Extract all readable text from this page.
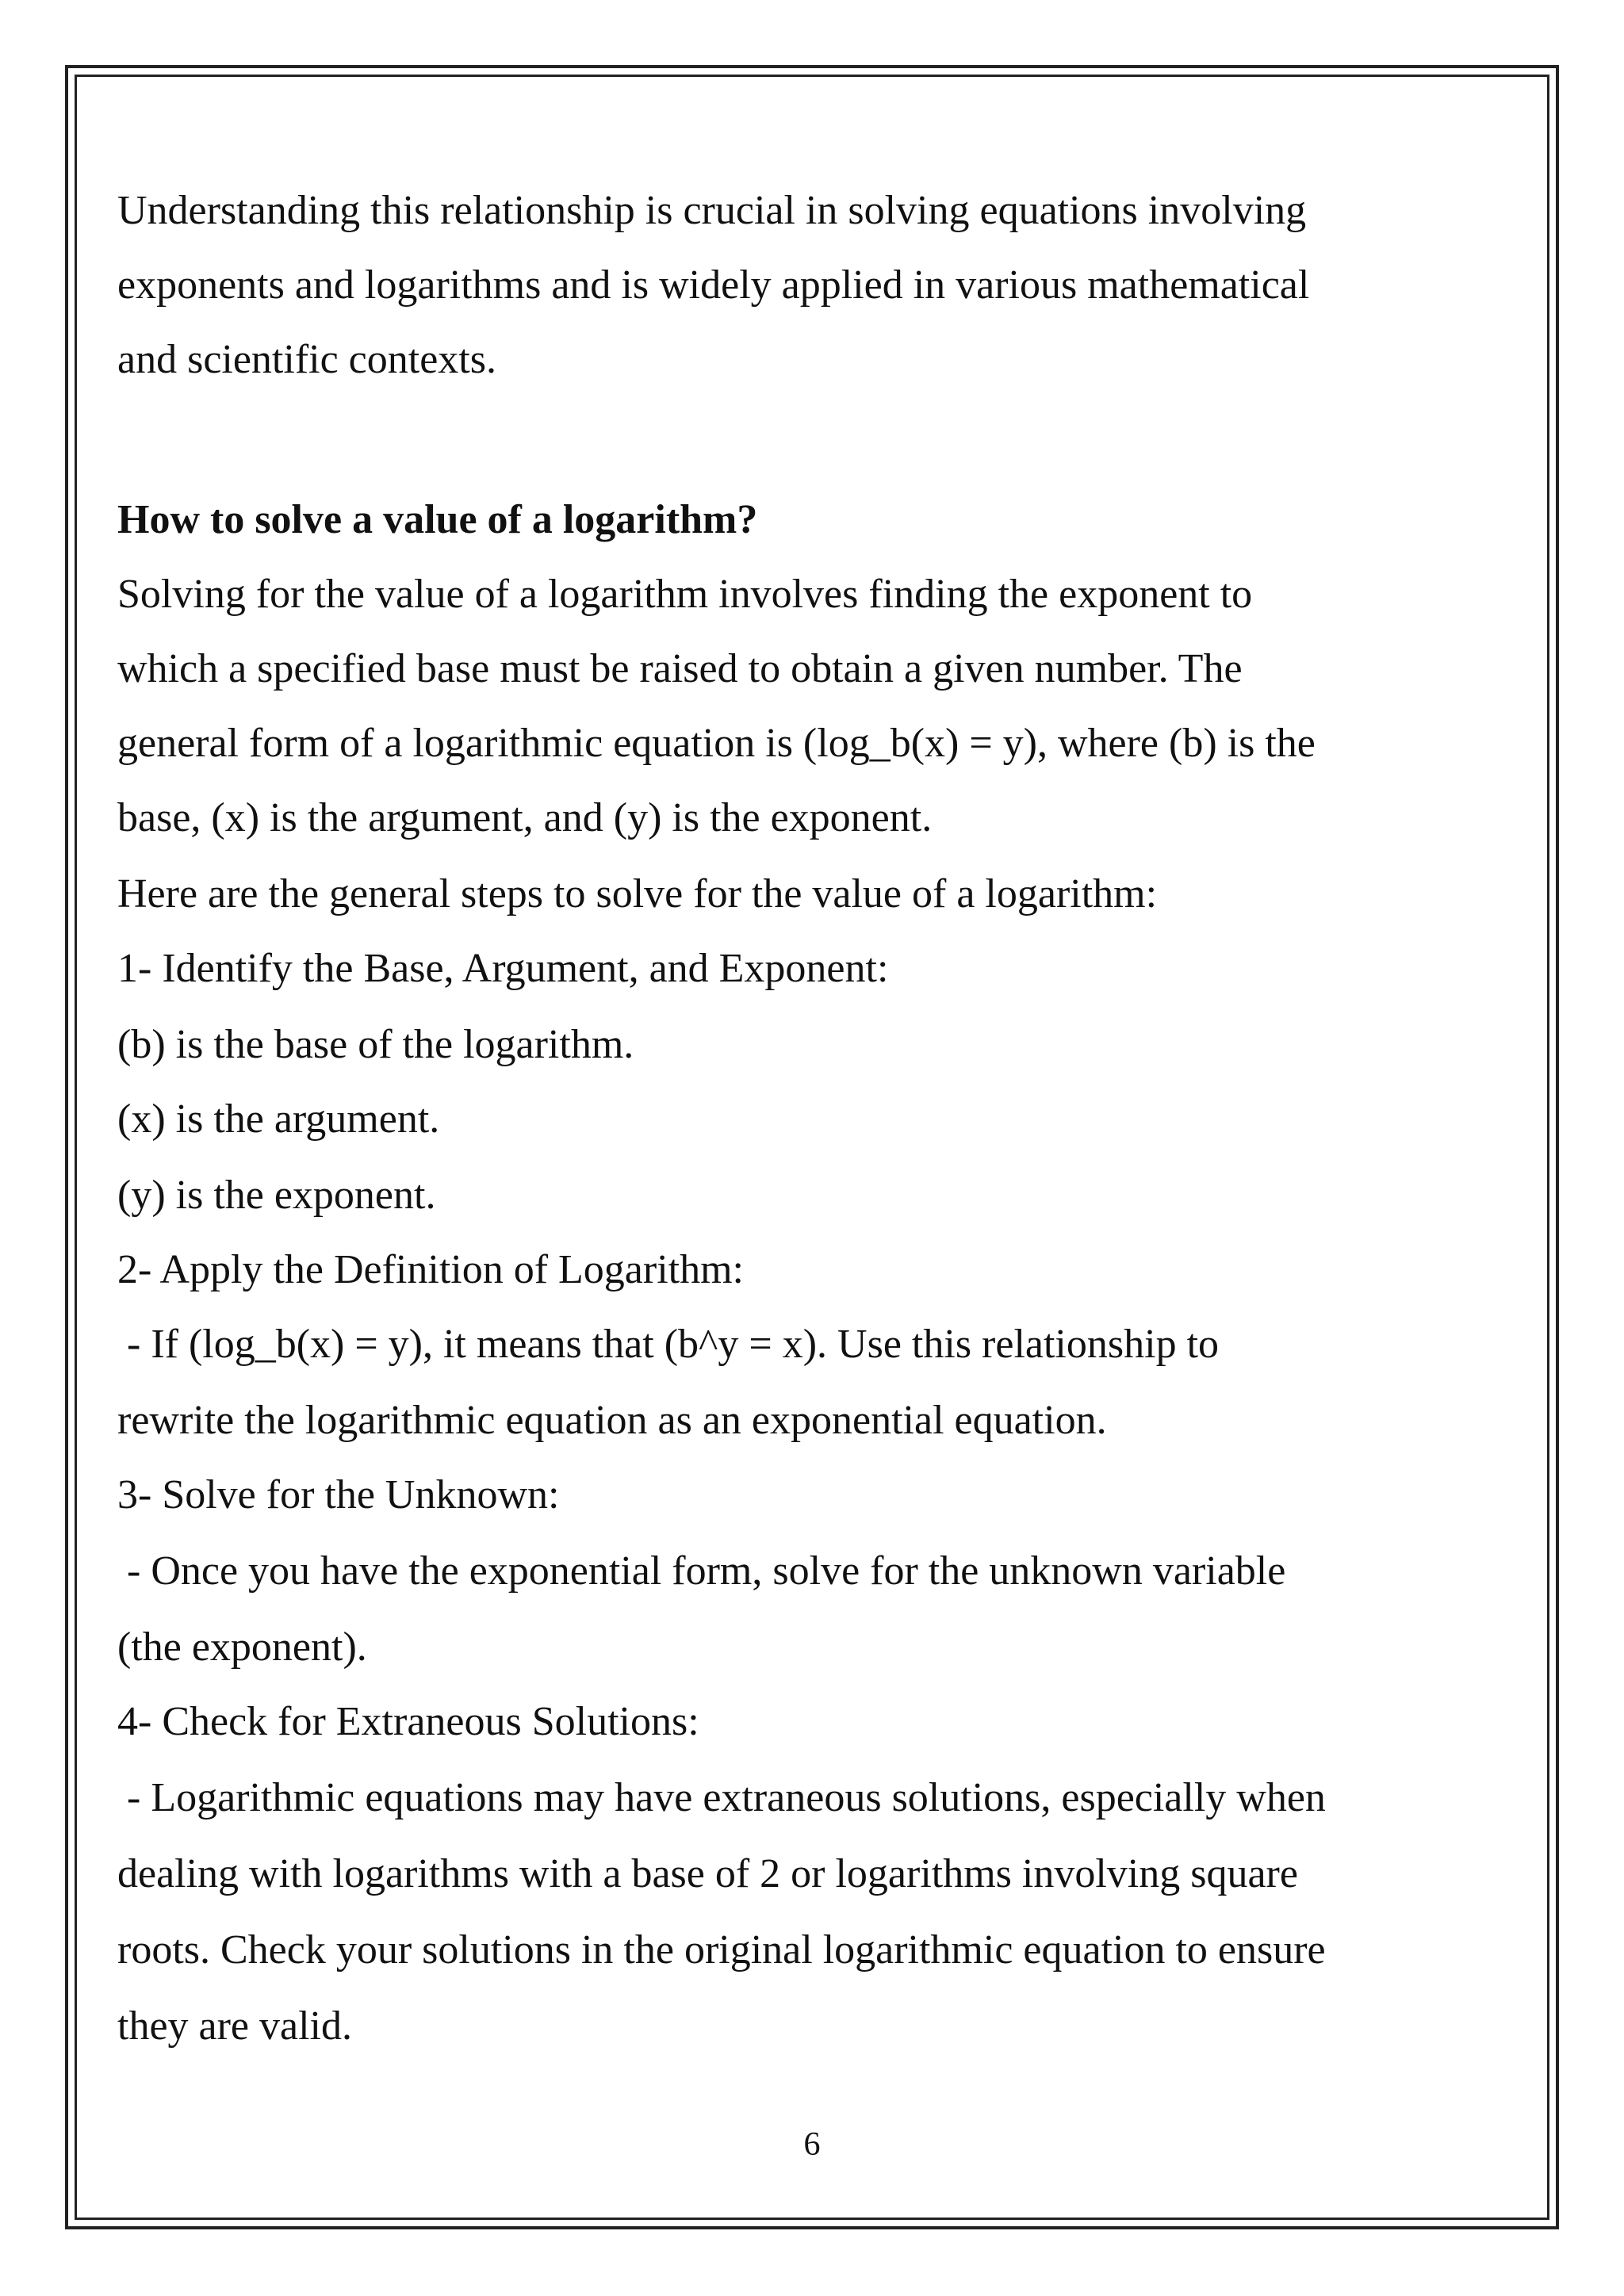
Understanding this relationship is crucial in solving equations involving
exponents and logarithms and is widely applied in various mathematical
and scientific contexts.
How to solve a value of a logarithm?
Solving for the value of a logarithm involves finding the exponent to
which a specified base must be raised to obtain a given number. The
general form of a logarithmic equation is (log_b(x) = y), where (b) is the
base, (x) is the argument, and (y) is the exponent.
Here are the general steps to solve for the value of a logarithm:
1- Identify the Base, Argument, and Exponent:
(b) is the base of the logarithm.
(x) is the argument.
(y) is the exponent.
2- Apply the Definition of Logarithm:
- If (log_b(x) = y), it means that (b^y = x). Use this relationship to
rewrite the logarithmic equation as an exponential equation.
3- Solve for the Unknown:
- Once you have the exponential form, solve for the unknown variable
(the exponent).
4- Check for Extraneous Solutions:
- Logarithmic equations may have extraneous solutions, especially when
dealing with logarithms with a base of 2 or logarithms involving square
roots. Check your solutions in the original logarithmic equation to ensure
they are valid.
6
